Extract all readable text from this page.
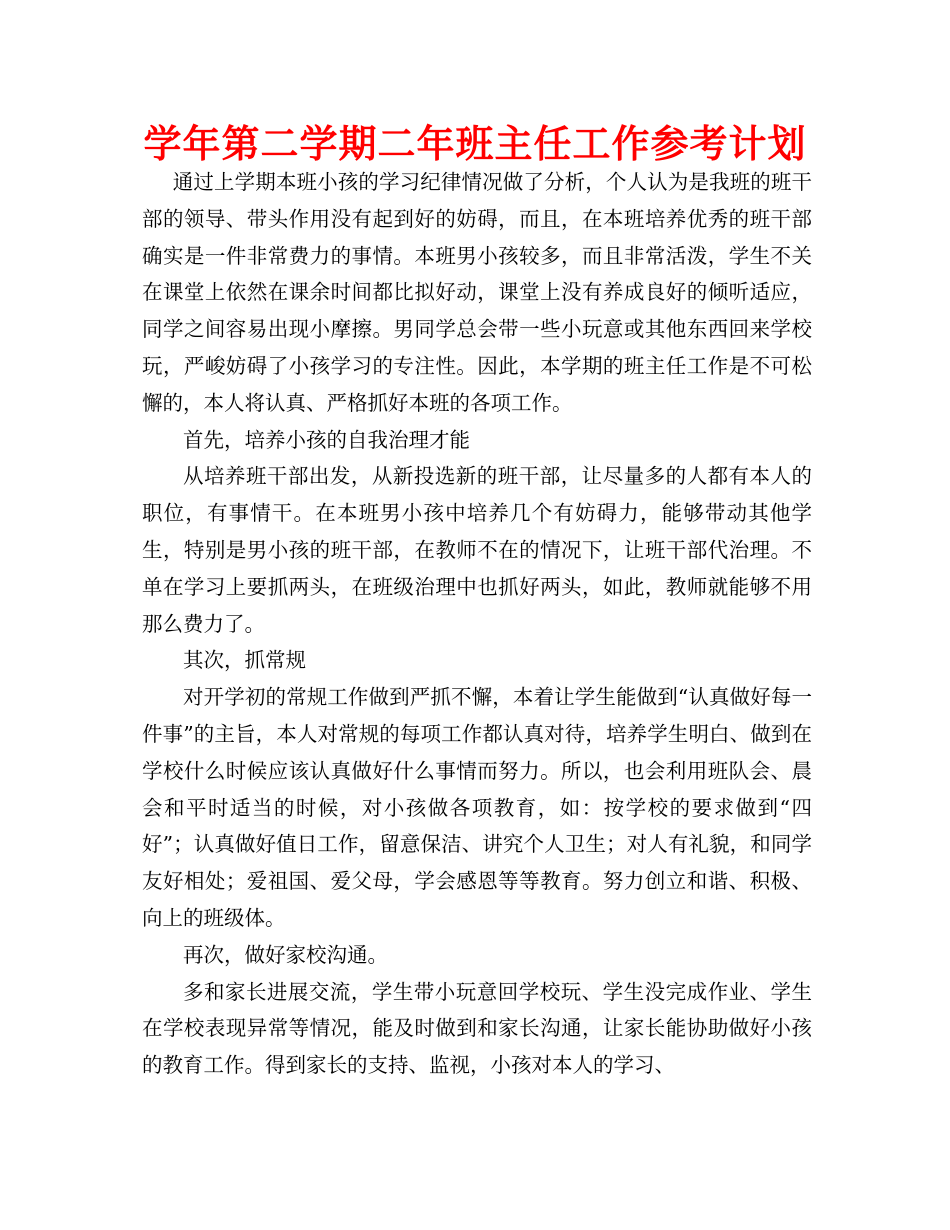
学年第二学期二年班主任工作参考计划

通过上学期本班小孩的学习纪律情况做了分析，个人认为是我班的班干部的领导、带头作用没有起到好的妨碍，而且，在本班培养优秀的班干部确实是一件非常费力的事情。本班男小孩较多，而且非常活泼，学生不关在课堂上依然在课余时间都比拟好动，课堂上没有养成良好的倾听适应，同学之间容易出现小摩擦。男同学总会带一些小玩意或其他东西回来学校玩，严峻妨碍了小孩学习的专注性。因此，本学期的班主任工作是不可松懈的，本人将认真、严格抓好本班的各项工作。

首先，培养小孩的自我治理才能

从培养班干部出发，从新投选新的班干部，让尽量多的人都有本人的职位，有事情干。在本班男小孩中培养几个有妨碍力，能够带动其他学生，特别是男小孩的班干部，在教师不在的情况下，让班干部代治理。不单在学习上要抓两头，在班级治理中也抓好两头，如此，教师就能够不用那么费力了。

其次，抓常规

对开学初的常规工作做到严抓不懈，本着让学生能做到“认真做好每一件事”的主旨，本人对常规的每项工作都认真对待，培养学生明白、做到在学校什么时候应该认真做好什么事情而努力。所以，也会利用班队会、晨会和平时适当的时候，对小孩做各项教育，如：按学校的要求做到“四好”；认真做好值日工作，留意保洁、讲究个人卫生；对人有礼貌，和同学友好相处；爱祖国、爱父母，学会感恩等等教育。努力创立和谐、积极、向上的班级体。

再次，做好家校沟通。

多和家长进展交流，学生带小玩意回学校玩、学生没完成作业、学生在学校表现异常等情况，能及时做到和家长沟通，让家长能协助做好小孩的教育工作。得到家长的支持、监视，小孩对本人的学习、
